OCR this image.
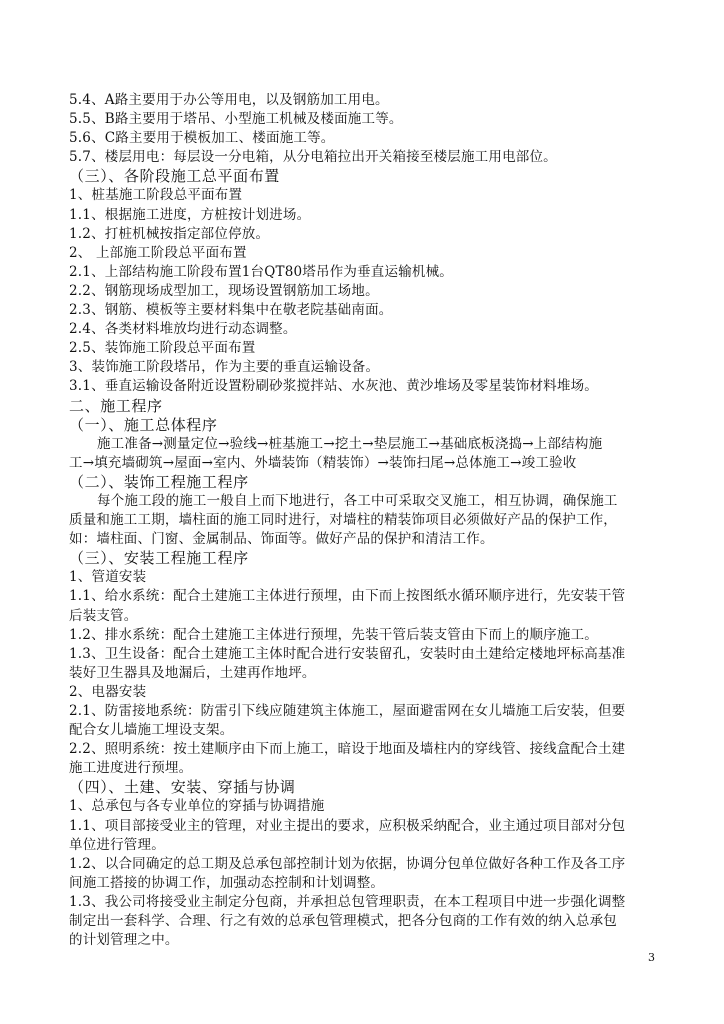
5.4、A路主要用于办公等用电，以及钢筋加工用电。
5.5、B路主要用于塔吊、小型施工机械及楼面施工等。
5.6、C路主要用于模板加工、楼面施工等。
5.7、楼层用电：每层设一分电箱，从分电箱拉出开关箱接至楼层施工用电部位。
（三）、各阶段施工总平面布置
1、桩基施工阶段总平面布置
1.1、根据施工进度，方桩按计划进场。
1.2、打桩机械按指定部位停放。
2、 上部施工阶段总平面布置
2.1、上部结构施工阶段布置1台QT80塔吊作为垂直运输机械。
2.2、钢筋现场成型加工，现场设置钢筋加工场地。
2.3、钢筋、模板等主要材料集中在敬老院基础南面。
2.4、各类材料堆放均进行动态调整。
2.5、装饰施工阶段总平面布置
3、装饰施工阶段塔吊，作为主要的垂直运输设备。
3.1、垂直运输设备附近设置粉刷砂浆搅拌站、水灰池、黄沙堆场及零星装饰材料堆场。
二、施工程序
（一）、施工总体程序
施工准备→测量定位→验线→桩基施工→挖土→垫层施工→基础底板浇捣→上部结构施
工→填充墙砌筑→屋面→室内、外墙装饰（精装饰）→装饰扫尾→总体施工→竣工验收
（二）、装饰工程施工程序
每个施工段的施工一般自上而下地进行，各工中可采取交叉施工，相互协调，确保施工
质量和施工工期，墙柱面的施工同时进行，对墙柱的精装饰项目必须做好产品的保护工作，
如：墙柱面、门窗、金属制品、饰面等。做好产品的保护和清洁工作。
（三）、安装工程施工程序
1、管道安装
1.1、给水系统：配合土建施工主体进行预埋，由下而上按图纸水循环顺序进行，先安装干管
后装支管。
1.2、排水系统：配合土建施工主体进行预埋，先装干管后装支管由下而上的顺序施工。
1.3、卫生设备：配合土建施工主体时配合进行安装留孔，安装时由土建给定楼地坪标高基准
装好卫生器具及地漏后，土建再作地坪。
2、电器安装
2.1、防雷接地系统：防雷引下线应随建筑主体施工，屋面避雷网在女儿墙施工后安装，但要
配合女儿墙施工埋设支架。
2.2、照明系统：按土建顺序由下而上施工，暗设于地面及墙柱内的穿线管、接线盒配合土建
施工进度进行预埋。
（四）、土建、安装、穿插与协调
1、总承包与各专业单位的穿插与协调措施
1.1、项目部接受业主的管理，对业主提出的要求，应积极采纳配合，业主通过项目部对分包
单位进行管理。
1.2、以合同确定的总工期及总承包部控制计划为依据，协调分包单位做好各种工作及各工序
间施工搭接的协调工作，加强动态控制和计划调整。
1.3、我公司将接受业主制定分包商，并承担总包管理职责，在本工程项目中进一步强化调整
制定出一套科学、合理、行之有效的总承包管理模式，把各分包商的工作有效的纳入总承包
的计划管理之中。
3
